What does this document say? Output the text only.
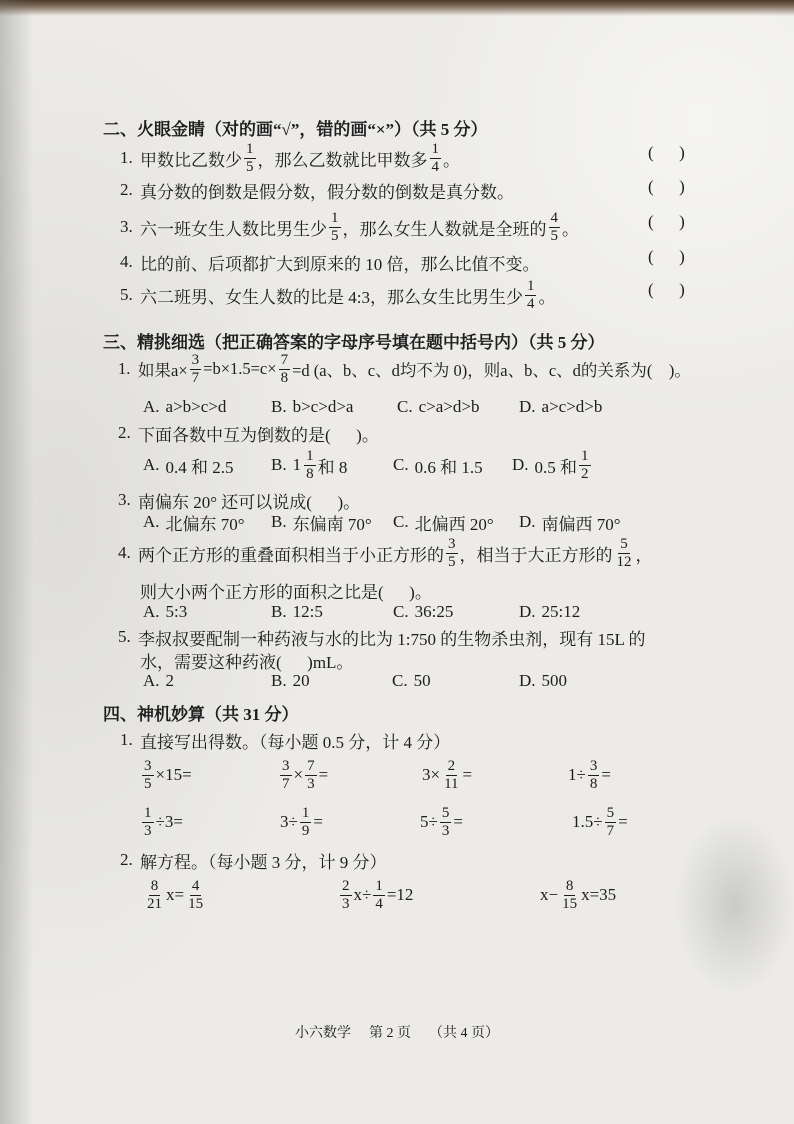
二、火眼金睛（对的画“√”，错的画“×”）（共 5 分）
1. 甲数比乙数少 $\frac{1}{5}$ ，那么乙数就比甲数多 $\frac{1}{4}$ 。	(      )
2. 真分数的倒数是假分数，假分数的倒数是真分数。	(      )
3. 六一班女生人数比男生少 $\frac{1}{5}$ ，那么女生人数就是全班的 $\frac{4}{5}$ 。	(      )
4. 比的前、后项都扩大到原来的 10 倍，那么比值不变。	(      )
5. 六二班男、女生人数的比是 4:3，那么女生比男生少 $\frac{1}{4}$ 。	(      )
三、精挑细选（把正确答案的字母序号填在题中括号内）（共 5 分）
1. 如果$a\times \frac{3}{7} =b\times 1.5=c\times \frac{7}{8} =d$ (a、b、c、d均不为 0)，则a、b、c、d的关系为(    )。
A. a>b>c>d	B. b>c>d>a	C. c>a>d>b D. a>c>d>b
2. 下面各数中互为倒数的是(      )。
A. 0.4 和 2.5 B. $1 \frac{1}{8}$ 和 8	C. 0.6 和 1.5 D. 0.5 和 $\frac{1}{2}$
3. 南偏东 20° 还可以说成(      )。
A. 北偏东 70° B. 东偏南 70° C. 北偏西 20° D. 南偏西 70°
4. 两个正方形的重叠面积相当于小正方形的 $\frac{3}{5}$ ，相当于大正方形的 $\frac{5}{12}$ ，
则大小两个正方形的面积之比是(      )。
A. 5:3	B. 12:5	C. 36:25	D. 25:12
5. 李叔叔要配制一种药液与水的比为 1:750 的生物杀虫剂，现有 15L 的
水，需要这种药液(      )mL。
A. 2	B. 20	C. 50	D. 500
四、神机妙算（共 31 分）
1. 直接写出得数。（每小题 0.5 分，计 4 分）
$\frac{3}{5} \times 15=$	$\frac{3}{7} \times \frac{7}{3}$ =	$3\times \frac{2}{11}$ =	$1\div \frac{3}{8}$ =
$\frac{1}{3} \div 3=$	$3\div \frac{1}{9}$ =	$5\div \frac{5}{3}$ =	$1.5\div \frac{5}{7}$ =
2. 解方程。（每小题 3 分，计 9 分）
$\frac{8}{21} x= \frac{4}{15}$	$\frac{2}{3} x\div \frac{1}{4} =12$	$x- \frac{8}{15} x=35$
小六数学 第 2 页 （共 4 页）
